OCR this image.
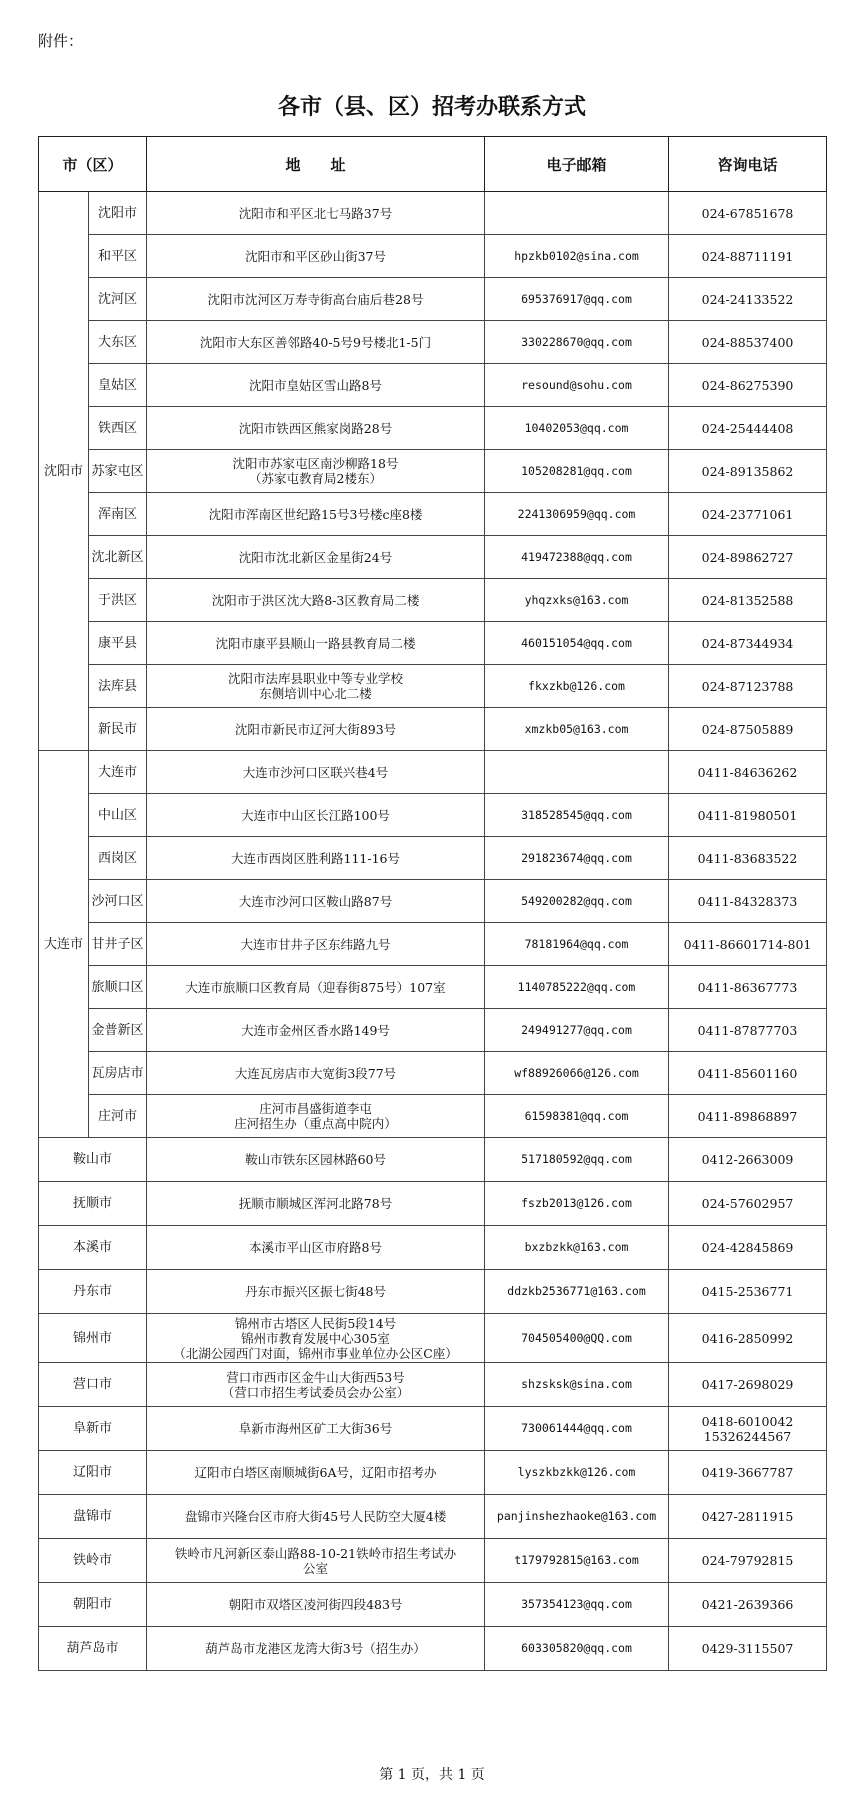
附件：
各市（县、区）招考办联系方式
市（区）		地　　址	电子邮箱	咨询电话
沈阳市	沈阳市	沈阳市和平区北七马路37号		024-67851678
	和平区	沈阳市和平区砂山街37号	hpzkb0102@sina.com	024-88711191
	沈河区	沈阳市沈河区万寿寺街高台庙后巷28号	695376917@qq.com	024-24133522
	大东区	沈阳市大东区善邻路40-5号9号楼北1-5门	330228670@qq.com	024-88537400
	皇姑区	沈阳市皇姑区雪山路8号	resound@sohu.com	024-86275390
	铁西区	沈阳市铁西区熊家岗路28号	10402053@qq.com	024-25444408
	苏家屯区	沈阳市苏家屯区南沙柳路18号
（苏家屯教育局2楼东）	105208281@qq.com	024-89135862
	浑南区	沈阳市浑南区世纪路15号3号楼c座8楼	2241306959@qq.com	024-23771061
	沈北新区	沈阳市沈北新区金星街24号	419472388@qq.com	024-89862727
	于洪区	沈阳市于洪区沈大路8-3区教育局二楼	yhqzxks@163.com	024-81352588
	康平县	沈阳市康平县顺山一路县教育局二楼	460151054@qq.com	024-87344934
	法库县	沈阳市法库县职业中等专业学校
东侧培训中心北二楼	fkxzkb@126.com	024-87123788
	新民市	沈阳市新民市辽河大街893号	xmzkb05@163.com	024-87505889
大连市	大连市	大连市沙河口区联兴巷4号		0411-84636262
	中山区	大连市中山区长江路100号	318528545@qq.com	0411-81980501
	西岗区	大连市西岗区胜利路111-16号	291823674@qq.com	0411-83683522
	沙河口区	大连市沙河口区鞍山路87号	549200282@qq.com	0411-84328373
	甘井子区	大连市甘井子区东纬路九号	78181964@qq.com	0411-86601714-801
	旅顺口区	大连市旅顺口区教育局（迎春街875号）107室	1140785222@qq.com	0411-86367773
	金普新区	大连市金州区香水路149号	249491277@qq.com	0411-87877703
	瓦房店市	大连瓦房店市大宽街3段77号	wf88926066@126.com	0411-85601160
	庄河市	庄河市昌盛街道李屯
庄河招生办（重点高中院内）	61598381@qq.com	0411-89868897
鞍山市		鞍山市铁东区园林路60号	517180592@qq.com	0412-2663009
抚顺市		抚顺市顺城区浑河北路78号	fszb2013@126.com	024-57602957
本溪市		本溪市平山区市府路8号	bxzbzkk@163.com	024-42845869
丹东市		丹东市振兴区振七街48号	ddzkb2536771@163.com	0415-2536771
锦州市		锦州市古塔区人民街5段14号
锦州市教育发展中心305室
（北湖公园西门对面，锦州市事业单位办公区C座）	704505400@QQ.com	0416-2850992
营口市		营口市西市区金牛山大街西53号
（营口市招生考试委员会办公室）	shzsksk@sina.com	0417-2698029
阜新市		阜新市海州区矿工大街36号	730061444@qq.com	0418-6010042
15326244567
辽阳市		辽阳市白塔区南顺城街6A号，辽阳市招考办	lyszkbzkk@126.com	0419-3667787
盘锦市		盘锦市兴隆台区市府大街45号人民防空大厦4楼	panjinshezhaoke@163.com	0427-2811915
铁岭市		铁岭市凡河新区泰山路88-10-21铁岭市招生考试办
公室	t179792815@163.com	024-79792815
朝阳市		朝阳市双塔区凌河街四段483号	357354123@qq.com	0421-2639366
葫芦岛市		葫芦岛市龙港区龙湾大街3号（招生办）	603305820@qq.com	0429-3115507
第 1 页，共 1 页
